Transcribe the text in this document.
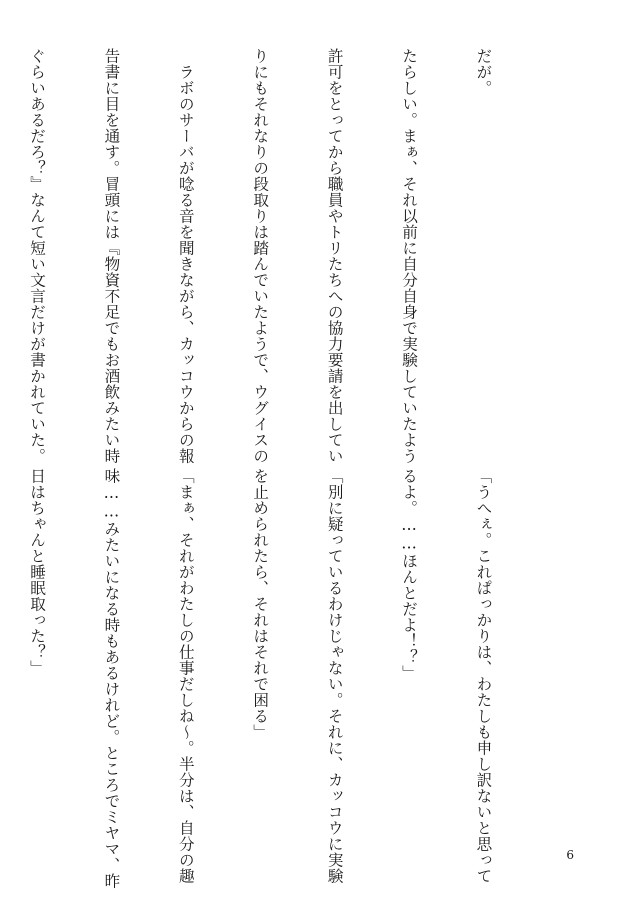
だが。

たらしい。まぁ、それ以前に自分自身で実験していたよう

許可をとってから職員やトリたちへの協力要請を出してい

りにもそれなりの段取りは踏んでいたようで、ウグイスの

　ラボのサーバが唸る音を聞きながら、カッコウからの報

告書に目を通す。冒頭には『物資不足でもお酒飲みたい時

ぐらいあるだろ？』なんて短い文言だけが書かれていた。

「うへぇ。これぱっかりは、わたしも申し訳ないと思って

るよ。……ほんとだよ！？」

「別に疑っているわけじゃない。それに、カッコウに実験

を止められたら、それはそれで困る」

「まぁ、それがわたしの仕事だしね～。半分は、自分の趣

味……みたいになる時もあるけれど。ところでミヤマ、昨

日はちゃんと睡眠取った？」

6
